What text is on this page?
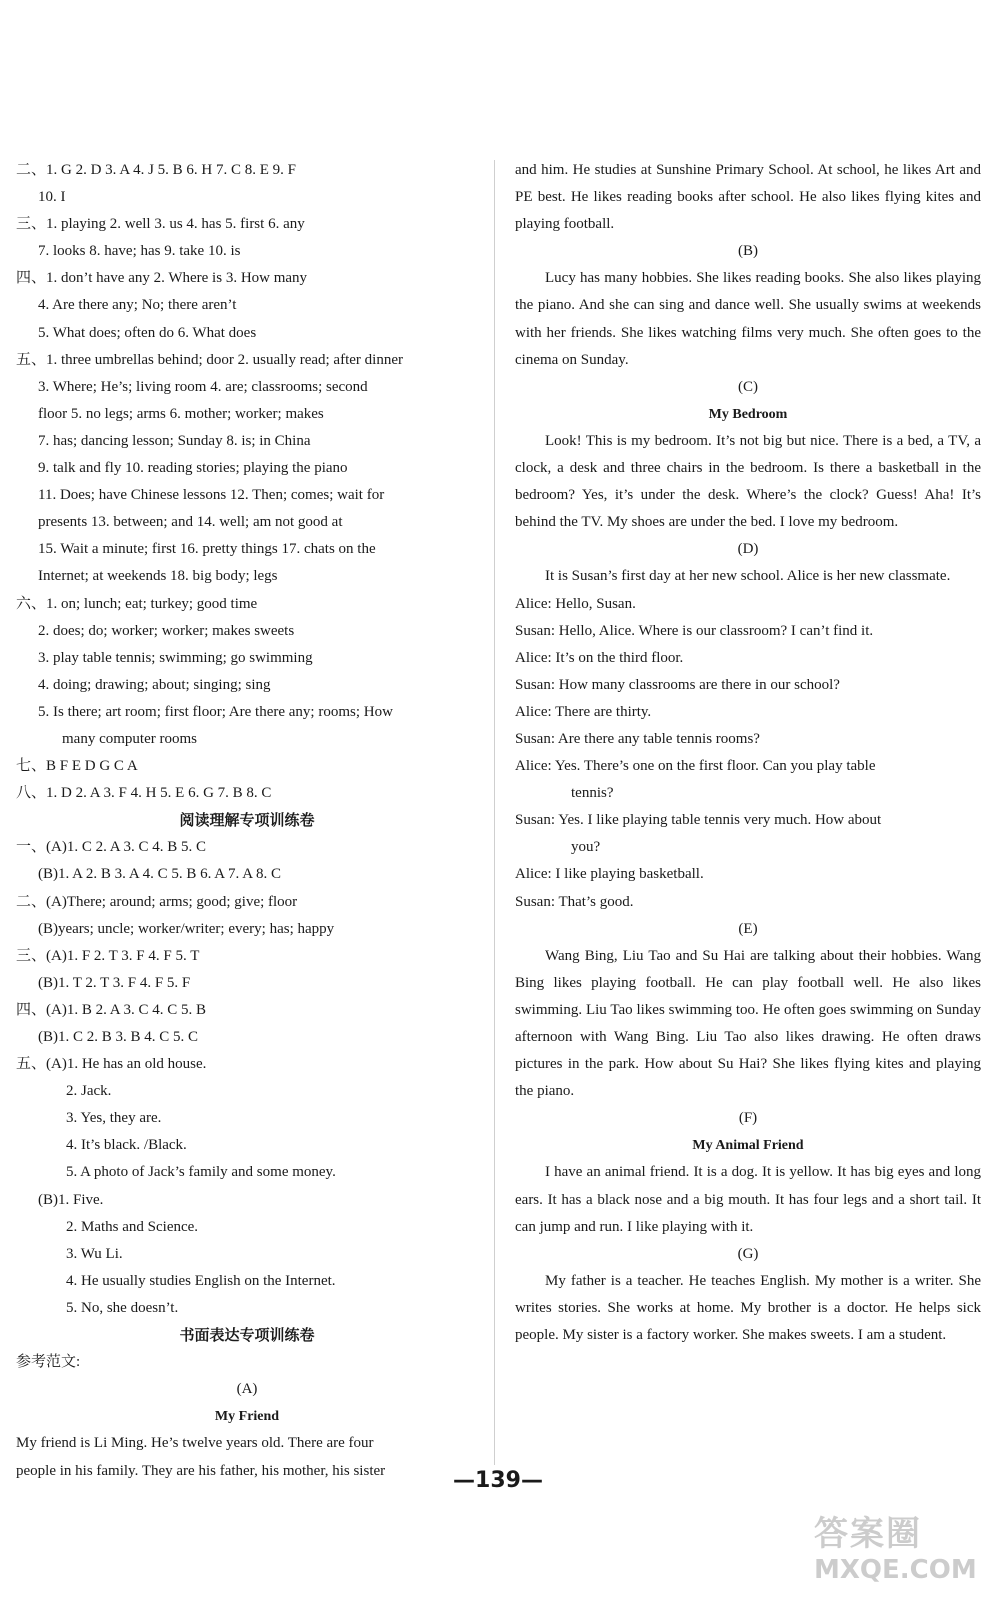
二、1. G 2. D 3. A 4. J 5. B 6. H 7. C 8. E 9. F
10. I
三、1. playing 2. well 3. us 4. has 5. first 6. any
7. looks 8. have; has 9. take 10. is
四、1. don’t have any 2. Where is 3. How many
4. Are there any; No; there aren’t
5. What does; often do 6. What does
五、1. three umbrellas behind; door 2. usually read; after dinner
3. Where; He’s; living room 4. are; classrooms; second
floor 5. no legs; arms 6. mother; worker; makes
7. has; dancing lesson; Sunday 8. is; in China
9. talk and fly 10. reading stories; playing the piano
11. Does; have Chinese lessons 12. Then; comes; wait for
presents 13. between; and 14. well; am not good at
15. Wait a minute; first 16. pretty things 17. chats on the
Internet; at weekends 18. big body; legs
六、1. on; lunch; eat; turkey; good time
2. does; do; worker; worker; makes sweets
3. play table tennis; swimming; go swimming
4. doing; drawing; about; singing; sing
5. Is there; art room; first floor; Are there any; rooms; How
many computer rooms
七、B F E D G C A
八、1. D 2. A 3. F 4. H 5. E 6. G 7. B 8. C
阅读理解专项训练卷
一、(A)1. C 2. A 3. C 4. B 5. C
(B)1. A 2. B 3. A 4. C 5. B 6. A 7. A 8. C
二、(A)There; around; arms; good; give; floor
(B)years; uncle; worker/writer; every; has; happy
三、(A)1. F 2. T 3. F 4. F 5. T
(B)1. T 2. T 3. F 4. F 5. F
四、(A)1. B 2. A 3. C 4. C 5. B
(B)1. C 2. B 3. B 4. C 5. C
五、(A)1. He has an old house.
2. Jack.
3. Yes, they are.
4. It’s black. /Black.
5. A photo of Jack’s family and some money.
(B)1. Five.
2. Maths and Science.
3. Wu Li.
4. He usually studies English on the Internet.
5. No, she doesn’t.
书面表达专项训练卷
参考范文:
(A)
My Friend
My friend is Li Ming. He’s twelve years old. There are four
people in his family. They are his father, his mother, his sister
and him. He studies at Sunshine Primary School. At school, he likes Art and PE best. He likes reading books after school. He also likes flying kites and playing football.
(B)
Lucy has many hobbies. She likes reading books. She also likes playing the piano. And she can sing and dance well. She usually swims at weekends with her friends. She likes watching films very much. She often goes to the cinema on Sunday.
(C)
My Bedroom
Look! This is my bedroom. It’s not big but nice. There is a bed, a TV, a clock, a desk and three chairs in the bedroom. Is there a basketball in the bedroom? Yes, it’s under the desk. Where’s the clock? Guess! Aha! It’s behind the TV. My shoes are under the bed. I love my bedroom.
(D)
It is Susan’s first day at her new school. Alice is her new classmate.
Alice: Hello, Susan.
Susan: Hello, Alice. Where is our classroom? I can’t find it.
Alice: It’s on the third floor.
Susan: How many classrooms are there in our school?
Alice: There are thirty.
Susan: Are there any table tennis rooms?
Alice: Yes. There’s one on the first floor. Can you play table
tennis?
Susan: Yes. I like playing table tennis very much. How about
you?
Alice: I like playing basketball.
Susan: That’s good.
(E)
Wang Bing, Liu Tao and Su Hai are talking about their hobbies. Wang Bing likes playing football. He can play football well. He also likes swimming. Liu Tao likes swimming too. He often goes swimming on Sunday afternoon with Wang Bing. Liu Tao also likes drawing. He often draws pictures in the park. How about Su Hai? She likes flying kites and playing the piano.
(F)
My Animal Friend
I have an animal friend. It is a dog. It is yellow. It has big eyes and long ears. It has a black nose and a big mouth. It has four legs and a short tail. It can jump and run. I like playing with it.
(G)
My father is a teacher. He teaches English. My mother is a writer. She writes stories. She works at home. My brother is a doctor. He helps sick people. My sister is a factory worker. She makes sweets. I am a student.
—139—
答案圈
MXQE.COM
